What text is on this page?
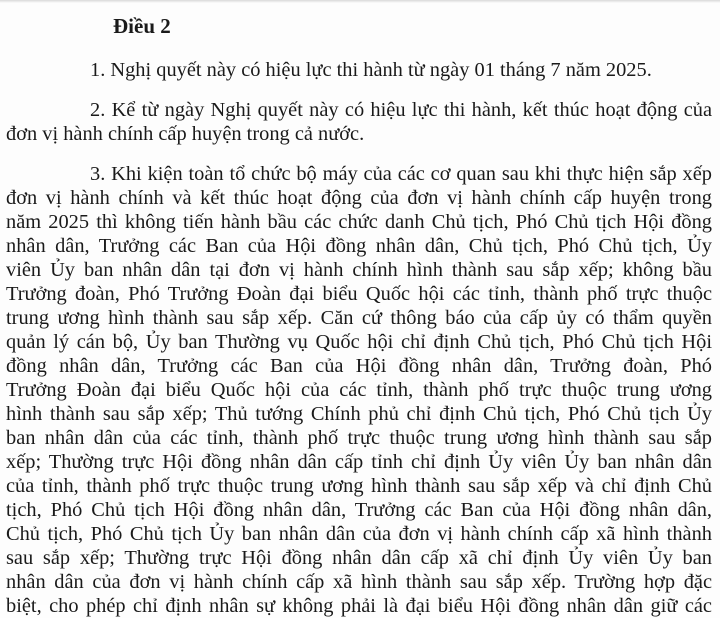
Điều 2
1. Nghị quyết này có hiệu lực thi hành từ ngày 01 tháng 7 năm 2025.
2. Kể từ ngày Nghị quyết này có hiệu lực thi hành, kết thúc hoạt động của
đơn vị hành chính cấp huyện trong cả nước.
3. Khi kiện toàn tổ chức bộ máy của các cơ quan sau khi thực hiện sắp xếp
đơn vị hành chính và kết thúc hoạt động của đơn vị hành chính cấp huyện trong
năm 2025 thì không tiến hành bầu các chức danh Chủ tịch, Phó Chủ tịch Hội đồng
nhân dân, Trưởng các Ban của Hội đồng nhân dân, Chủ tịch, Phó Chủ tịch, Ủy
viên Ủy ban nhân dân tại đơn vị hành chính hình thành sau sắp xếp; không bầu
Trưởng đoàn, Phó Trưởng Đoàn đại biểu Quốc hội các tỉnh, thành phố trực thuộc
trung ương hình thành sau sắp xếp. Căn cứ thông báo của cấp ủy có thẩm quyền
quản lý cán bộ, Ủy ban Thường vụ Quốc hội chỉ định Chủ tịch, Phó Chủ tịch Hội
đồng nhân dân, Trưởng các Ban của Hội đồng nhân dân, Trưởng đoàn, Phó
Trưởng Đoàn đại biểu Quốc hội của các tỉnh, thành phố trực thuộc trung ương
hình thành sau sắp xếp; Thủ tướng Chính phủ chỉ định Chủ tịch, Phó Chủ tịch Ủy
ban nhân dân của các tỉnh, thành phố trực thuộc trung ương hình thành sau sắp
xếp; Thường trực Hội đồng nhân dân cấp tỉnh chỉ định Ủy viên Ủy ban nhân dân
của tỉnh, thành phố trực thuộc trung ương hình thành sau sắp xếp và chỉ định Chủ
tịch, Phó Chủ tịch Hội đồng nhân dân, Trưởng các Ban của Hội đồng nhân dân,
Chủ tịch, Phó Chủ tịch Ủy ban nhân dân của đơn vị hành chính cấp xã hình thành
sau sắp xếp; Thường trực Hội đồng nhân dân cấp xã chỉ định Ủy viên Ủy ban
nhân dân của đơn vị hành chính cấp xã hình thành sau sắp xếp. Trường hợp đặc
biệt, cho phép chỉ định nhân sự không phải là đại biểu Hội đồng nhân dân giữ các
